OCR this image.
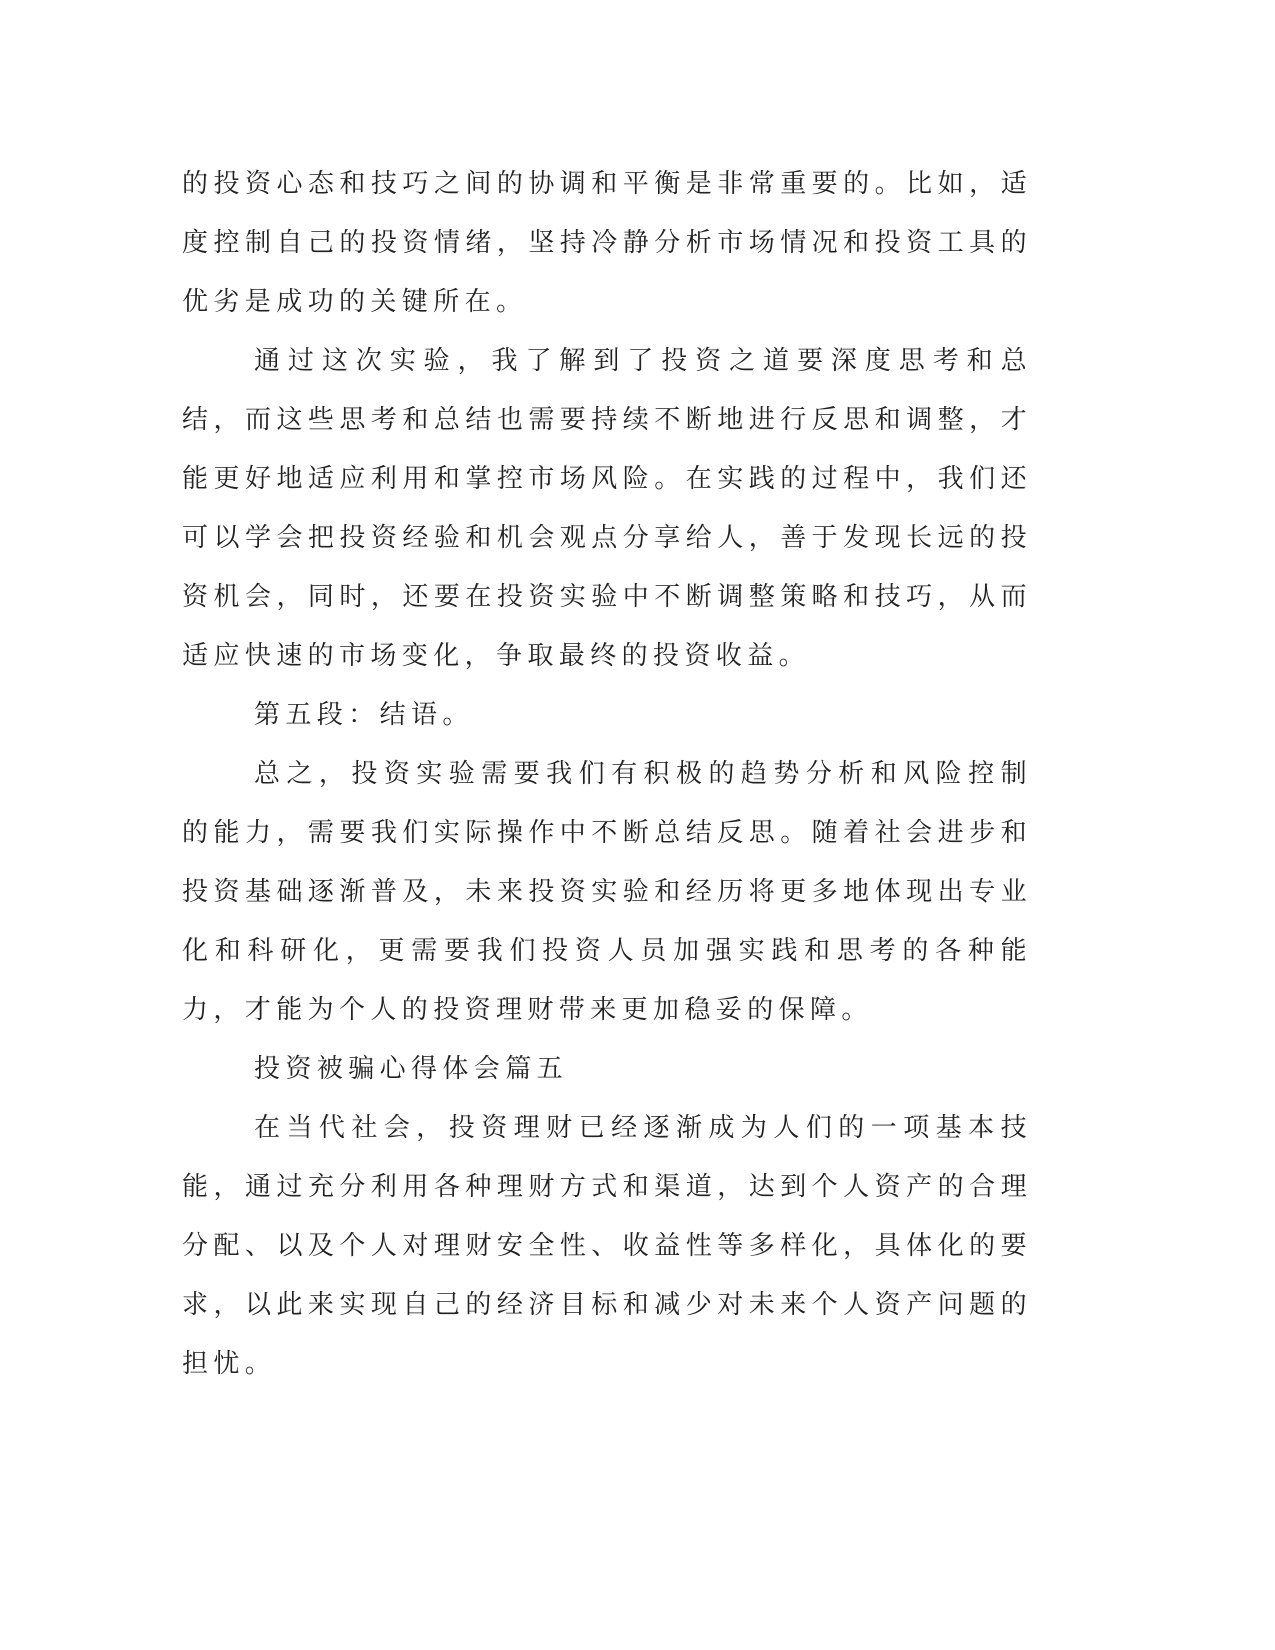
的投资心态和技巧之间的协调和平衡是非常重要的。比如，适度控制自己的投资情绪，坚持冷静分析市场情况和投资工具的优劣是成功的关键所在。

通过这次实验，我了解到了投资之道要深度思考和总结，而这些思考和总结也需要持续不断地进行反思和调整，才能更好地适应利用和掌控市场风险。在实践的过程中，我们还可以学会把投资经验和机会观点分享给人，善于发现长远的投资机会，同时，还要在投资实验中不断调整策略和技巧，从而适应快速的市场变化，争取最终的投资收益。

第五段：结语。

总之，投资实验需要我们有积极的趋势分析和风险控制的能力，需要我们实际操作中不断总结反思。随着社会进步和投资基础逐渐普及，未来投资实验和经历将更多地体现出专业化和科研化，更需要我们投资人员加强实践和思考的各种能力，才能为个人的投资理财带来更加稳妥的保障。

投资被骗心得体会篇五

在当代社会，投资理财已经逐渐成为人们的一项基本技能，通过充分利用各种理财方式和渠道，达到个人资产的合理分配、以及个人对理财安全性、收益性等多样化，具体化的要求，以此来实现自己的经济目标和减少对未来个人资产问题的担忧。
